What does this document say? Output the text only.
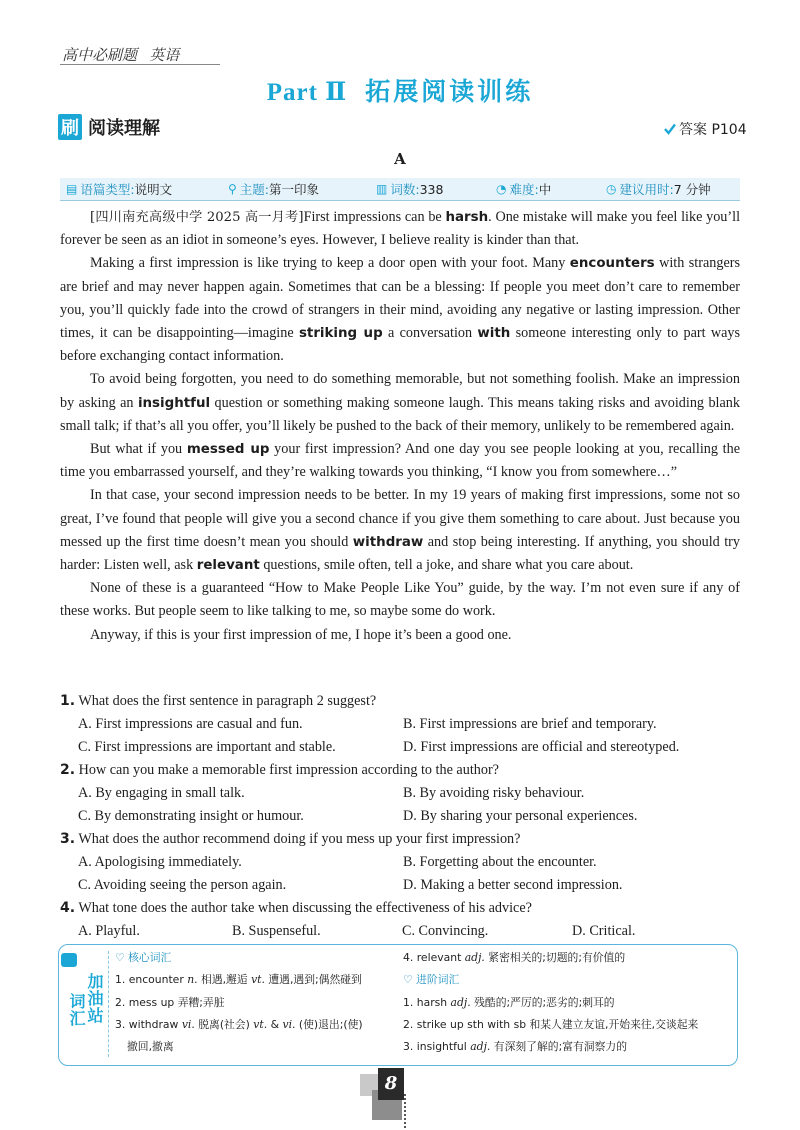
高中必刷题 英语
Part Ⅱ 拓展阅读训练
刷 阅读理解	答案 P104
A
▤ 语篇类型: 说明文	⚲ 主题: 第一印象	▥ 词数: 338	◔ 难度: 中	◷ 建议用时: 7 分钟

[四川南充高级中学 2025 高一月考]First impressions can be harsh. One mistake will make you feel like you’ll forever be seen as an idiot in someone’s eyes. However, I believe reality is kinder than that.

Making a first impression is like trying to keep a door open with your foot. Many encounters with strangers are brief and may never happen again. Sometimes that can be a blessing: If people you meet don’t care to remember you, you’ll quickly fade into the crowd of strangers in their mind, avoiding any negative or lasting impression. Other times, it can be disappointing—imagine striking up a conversation with someone interesting only to part ways before exchanging contact information.

To avoid being forgotten, you need to do something memorable, but not something foolish. Make an impression by asking an insightful question or something making someone laugh. This means taking risks and avoiding blank small talk; if that’s all you offer, you’ll likely be pushed to the back of their memory, unlikely to be remembered again.

But what if you messed up your first impression? And one day you see people looking at you, recalling the time you embarrassed yourself, and they’re walking towards you thinking, “I know you from somewhere…”

In that case, your second impression needs to be better. In my 19 years of making first impressions, some not so great, I’ve found that people will give you a second chance if you give them something to care about. Just because you messed up the first time doesn’t mean you should withdraw and stop being interesting. If anything, you should try harder: Listen well, ask relevant questions, smile often, tell a joke, and share what you care about.

None of these is a guaranteed “How to Make People Like You” guide, by the way. I’m not even sure if any of these works. But people seem to like talking to me, so maybe some do work.

Anyway, if this is your first impression of me, I hope it’s been a good one.

1. What does the first sentence in paragraph 2 suggest?
A. First impressions are casual and fun.	B. First impressions are brief and temporary.
C. First impressions are important and stable.	D. First impressions are official and stereotyped.
2. How can you make a memorable first impression according to the author?
A. By engaging in small talk.	B. By avoiding risky behaviour.
C. By demonstrating insight or humour.	D. By sharing your personal experiences.
3. What does the author recommend doing if you mess up your first impression?
A. Apologising immediately.	B. Forgetting about the encounter.
C. Avoiding seeing the person again.	D. Making a better second impression.
4. What tone does the author take when discussing the effectiveness of his advice?
A. Playful.	B. Suspenseful.	C. Convincing.	D. Critical.
词汇 加油站
♡ 核心词汇
1. encounter n. 相遇,邂逅 vt. 遭遇,遇到;偶然碰到
2. mess up 弄糟;弄脏
3. withdraw vi. 脱离(社会) vt. & vi. (使)退出;(使)
撤回,撤离
4. relevant adj. 紧密相关的;切题的;有价值的
♡ 进阶词汇
1. harsh adj. 残酷的;严厉的;恶劣的;刺耳的
2. strike up sth with sb 和某人建立友谊,开始来往,交谈起来
3. insightful adj. 有深刻了解的;富有洞察力的
8
